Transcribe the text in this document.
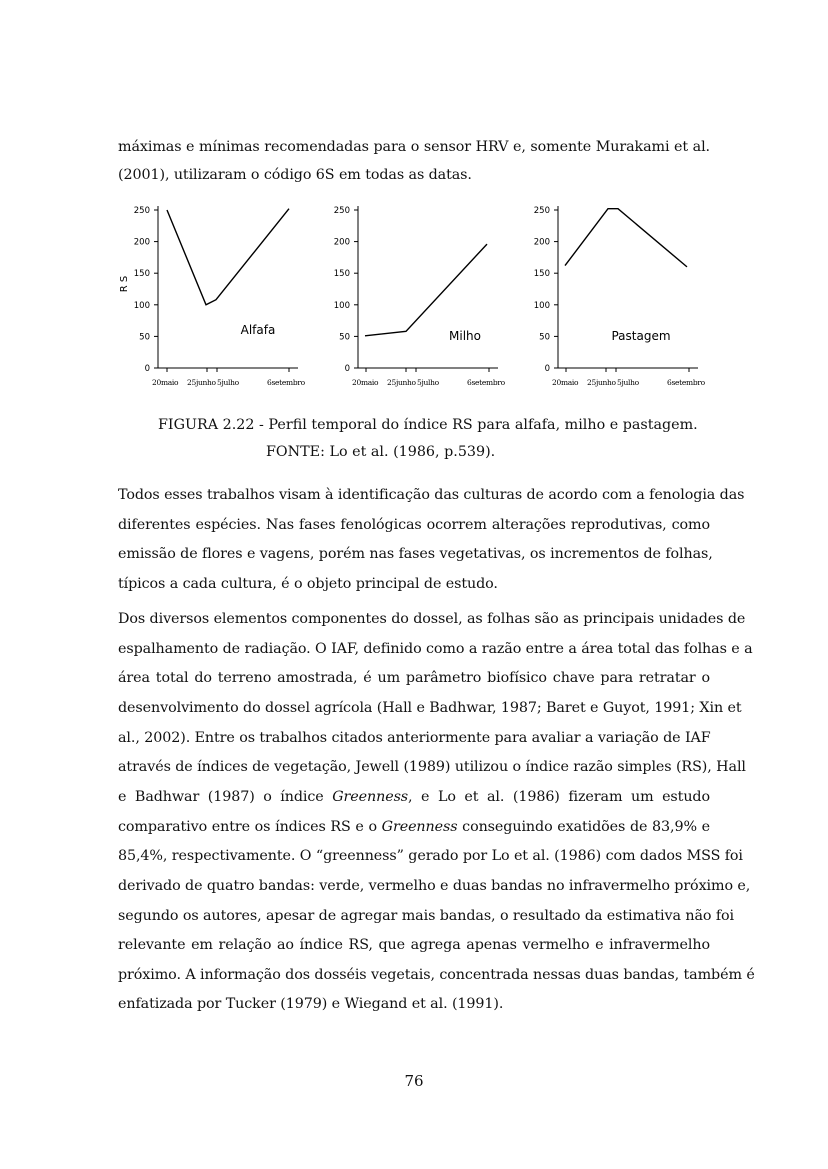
máximas e mínimas recomendadas para o sensor HRV e, somente Murakami et al.
(2001), utilizaram o código 6S em todas as datas.
0
50
100
150
200
250
20maio 25junho 5julho	6setembro
Alfafa
R S
0
50
100
150
200
250
20maio 25junho 5julho	6setembro
Milho
0
50
100
150
200
250
20maio 25junho 5julho	6setembro
Pastagem
FIGURA 2.22 - Perfil temporal do índice RS para alfafa, milho e pastagem.
FONTE: Lo et al. (1986, p.539).
Todos esses trabalhos visam à identificação das culturas de acordo com a fenologia das
diferentes espécies. Nas fases fenológicas ocorrem alterações reprodutivas, como
emissão de flores e vagens, porém nas fases vegetativas, os incrementos de folhas,
típicos a cada cultura, é o objeto principal de estudo.
Dos diversos elementos componentes do dossel, as folhas são as principais unidades de
espalhamento de radiação. O IAF, definido como a razão entre a área total das folhas e a
área total do terreno amostrada, é um parâmetro biofísico chave para retratar o
desenvolvimento do dossel agrícola (Hall e Badhwar, 1987; Baret e Guyot, 1991; Xin et
al., 2002). Entre os trabalhos citados anteriormente para avaliar a variação de IAF
através de índices de vegetação, Jewell (1989) utilizou o índice razão simples (RS), Hall
e Badhwar (1987) o índice Greenness, e Lo et al. (1986) fizeram um estudo
comparativo entre os índices RS e o Greenness conseguindo exatidões de 83,9% e
85,4%, respectivamente. O “greenness” gerado por Lo et al. (1986) com dados MSS foi
derivado de quatro bandas: verde, vermelho e duas bandas no infravermelho próximo e,
segundo os autores, apesar de agregar mais bandas, o resultado da estimativa não foi
relevante em relação ao índice RS, que agrega apenas vermelho e infravermelho
próximo. A informação dos dosséis vegetais, concentrada nessas duas bandas, também é
enfatizada por Tucker (1979) e Wiegand et al. (1991).
76
